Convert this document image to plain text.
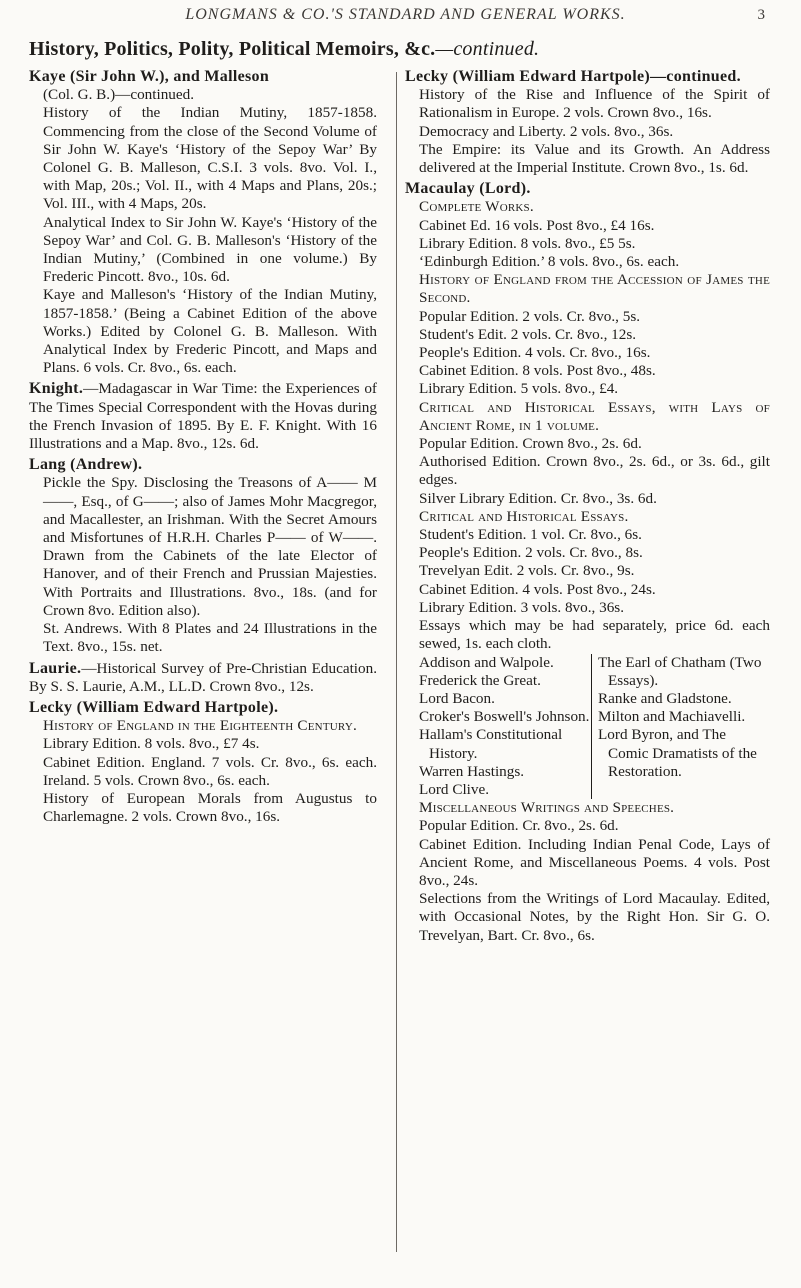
LONGMANS & CO.'S STANDARD AND GENERAL WORKS.	3
History, Politics, Polity, Political Memoirs, &c.—continued.
Kaye (Sir John W.), and Malleson
(Col. G. B.)—continued.
History of the Indian Mutiny, 1857-1858. Commencing from the close of the Second Volume of Sir John W. Kaye's ‘History of the Sepoy War’ By Colonel G. B. Malleson, C.S.I. 3 vols. 8vo. Vol. I., with Map, 20s.; Vol. II., with 4 Maps and Plans, 20s.; Vol. III., with 4 Maps, 20s.
Analytical Index to Sir John W. Kaye's ‘History of the Sepoy War’ and Col. G. B. Malleson's ‘History of the Indian Mutiny,’ (Combined in one volume.) By Frederic Pincott. 8vo., 10s. 6d.
Kaye and Malleson's ‘History of the Indian Mutiny, 1857-1858.’ (Being a Cabinet Edition of the above Works.) Edited by Colonel G. B. Malleson. With Analytical Index by Frederic Pincott, and Maps and Plans. 6 vols. Cr. 8vo., 6s. each.
Knight.—Madagascar in War Time: the Experiences of The Times Special Correspondent with the Hovas during the French Invasion of 1895. By E. F. Knight. With 16 Illustrations and a Map. 8vo., 12s. 6d.
Lang (Andrew).
Pickle the Spy. Disclosing the Treasons of A—— M——, Esq., of G——; also of James Mohr Macgregor, and Macallester, an Irishman. With the Secret Amours and Misfortunes of H.R.H. Charles P—— of W——. Drawn from the Cabinets of the late Elector of Hanover, and of their French and Prussian Majesties. With Portraits and Illustrations. 8vo., 18s. (and for Crown 8vo. Edition also).
St. Andrews. With 8 Plates and 24 Illustrations in the Text. 8vo., 15s. net.
Laurie.—Historical Survey of Pre-Christian Education. By S. S. Laurie, A.M., LL.D. Crown 8vo., 12s.
Lecky (William Edward Hartpole).
History of England in the Eighteenth Century.
Library Edition. 8 vols. 8vo., £7 4s.
Cabinet Edition. England. 7 vols. Cr. 8vo., 6s. each. Ireland. 5 vols. Crown 8vo., 6s. each.
History of European Morals from Augustus to Charlemagne. 2 vols. Crown 8vo., 16s.
Lecky (William Edward Hartpole)—continued.
History of the Rise and Influence of the Spirit of Rationalism in Europe. 2 vols. Crown 8vo., 16s.
Democracy and Liberty. 2 vols. 8vo., 36s.
The Empire: its Value and its Growth. An Address delivered at the Imperial Institute. Crown 8vo., 1s. 6d.
Macaulay (Lord).
Complete Works.
Cabinet Ed. 16 vols. Post 8vo., £4 16s.
Library Edition. 8 vols. 8vo., £5 5s.
‘Edinburgh Edition.’ 8 vols. 8vo., 6s. each.
History of England from the Accession of James the Second.
Popular Edition. 2 vols. Cr. 8vo., 5s.
Student's Edit. 2 vols. Cr. 8vo., 12s.
People's Edition. 4 vols. Cr. 8vo., 16s.
Cabinet Edition. 8 vols. Post 8vo., 48s.
Library Edition. 5 vols. 8vo., £4.
Critical and Historical Essays, with Lays of Ancient Rome, in 1 volume.
Popular Edition. Crown 8vo., 2s. 6d.
Authorised Edition. Crown 8vo., 2s. 6d., or 3s. 6d., gilt edges.
Silver Library Edition. Cr. 8vo., 3s. 6d.
Critical and Historical Essays.
Student's Edition. 1 vol. Cr. 8vo., 6s.
People's Edition. 2 vols. Cr. 8vo., 8s.
Trevelyan Edit. 2 vols. Cr. 8vo., 9s.
Cabinet Edition. 4 vols. Post 8vo., 24s.
Library Edition. 3 vols. 8vo., 36s.
Essays which may be had separately, price 6d. each sewed, 1s. each cloth.

Addison and Walpole.

Frederick the Great.

Lord Bacon.

Croker's Boswell's Johnson.

Hallam's Constitutional History.

Warren Hastings.

Lord Clive.

The Earl of Chatham (Two Essays).

Ranke and Gladstone.

Milton and Machiavelli.

Lord Byron, and The Comic Dramatists of the Restoration.

Miscellaneous Writings and Speeches.
Popular Edition. Cr. 8vo., 2s. 6d.
Cabinet Edition. Including Indian Penal Code, Lays of Ancient Rome, and Miscellaneous Poems. 4 vols. Post 8vo., 24s.
Selections from the Writings of Lord Macaulay. Edited, with Occasional Notes, by the Right Hon. Sir G. O. Trevelyan, Bart. Cr. 8vo., 6s.
